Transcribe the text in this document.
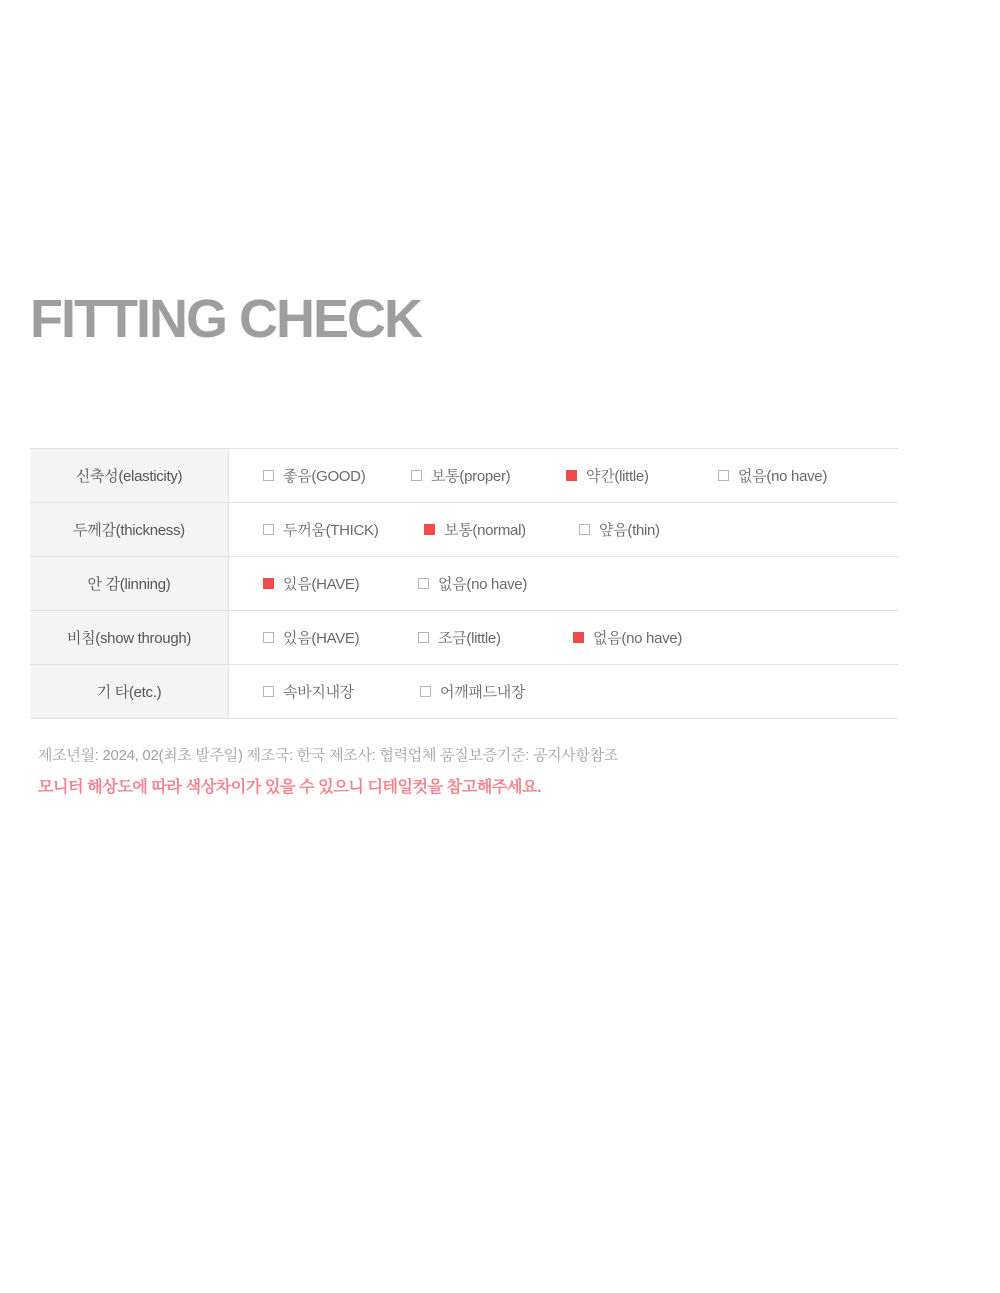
FITTING CHECK
신축성(elasticity)	좋음(GOOD)	보통(proper)	약간(little)	없음(no have)
두께감(thickness)	두꺼움(THICK)	보통(normal)	얖음(thin)
안 감(linning)	있음(HAVE)	없음(no have)
비침(show through)	있음(HAVE)	조금(little)	없음(no have)
기 타(etc.)	속바지내장	어깨패드내장
제조년월: 2024, 02(최초 발주일) 제조국: 한국 제조사: 협력업체 품질보증기준: 공지사항참조
모니터 해상도에 따라 색상차이가 있을 수 있으니 디테일컷을 참고해주세요.
